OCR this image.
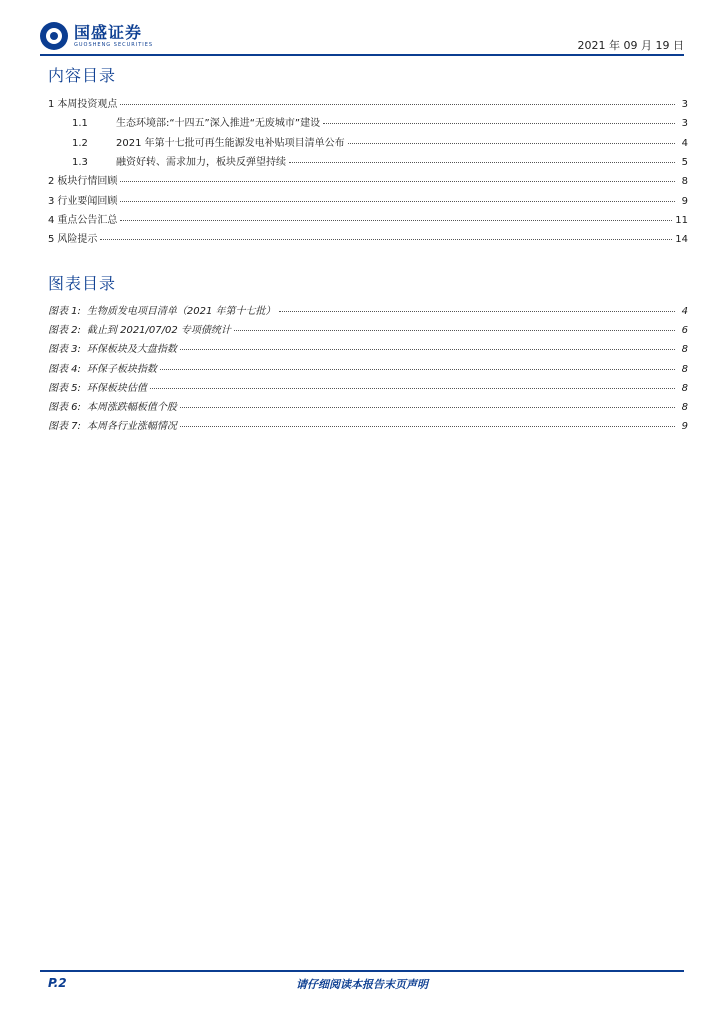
国盛证券
GUOSHENG SECURITIES	2021 年 09 月 19 日
内容目录
1 本周投资观点	3
1.1	生态环境部:“十四五”深入推进“无废城市”建设	3
1.2	2021 年第十七批可再生能源发电补贴项目清单公布	4
1.3	融资好转、需求加力，板块反弹望持续	5
2 板块行情回顾	8
3 行业要闻回顾	9
4 重点公告汇总	11
5 风险提示	14
图表目录
图表 1: 生物质发电项目清单（2021 年第十七批）	4
图表 2: 截止到 2021/07/02 专项债统计	6
图表 3: 环保板块及大盘指数	8
图表 4: 环保子板块指数	8
图表 5: 环保板块估值	8
图表 6: 本周涨跌幅板值个股	8
图表 7: 本周各行业涨幅情况	9
P.2	请仔细阅读本报告末页声明
